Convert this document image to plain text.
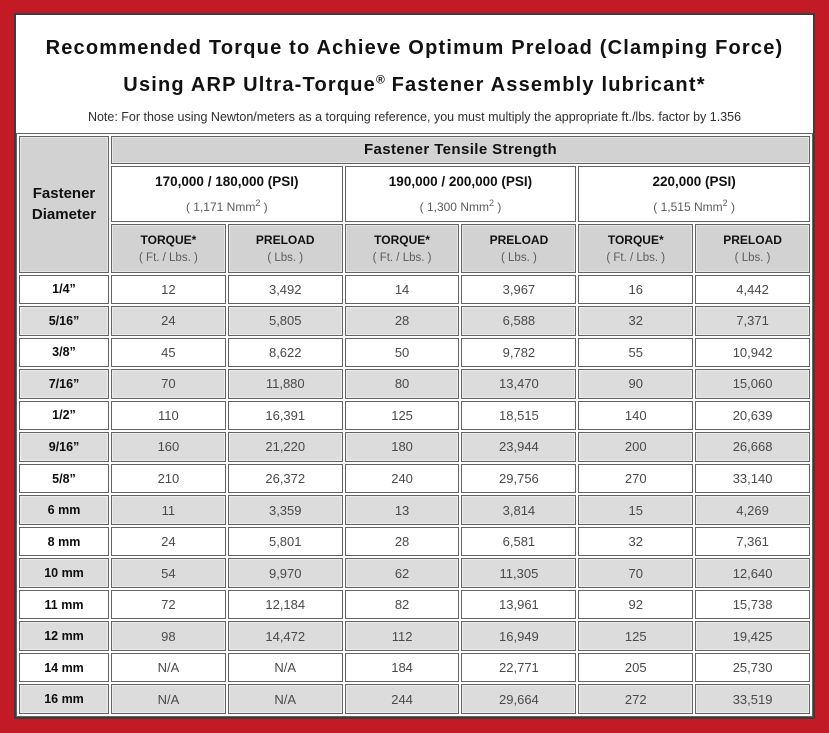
Recommended Torque to Achieve Optimum Preload (Clamping Force)
Using ARP Ultra-Torque® Fastener Assembly lubricant*

Note: For those using Newton/meters as a torquing reference, you must multiply the appropriate ft./lbs. factor by 1.356

Fastener
Diameter	Fastener Tensile Strength					

170,000 / 180,000 (PSI)
( 1,171 Nmm$^2$ )

190,000 / 200,000 (PSI)
( 1,300 Nmm$^2$ )

220,000 (PSI)
( 1,515 Nmm$^2$ )

TORQUE*
( Ft. / Lbs. )

PRELOAD
( Lbs. )

TORQUE*
( Ft. / Lbs. )

PRELOAD
( Lbs. )

TORQUE*
( Ft. / Lbs. )

PRELOAD
( Lbs. )

1/4”	12	3,492	14	3,967	16	4,442
5/16”	24	5,805	28	6,588	32	7,371
3/8”	45	8,622	50	9,782	55	10,942
7/16”	70	11,880	80	13,470	90	15,060
1/2”	110	16,391	125	18,515	140	20,639
9/16”	160	21,220	180	23,944	200	26,668
5/8”	210	26,372	240	29,756	270	33,140
6 mm	11	3,359	13	3,814	15	4,269
8 mm	24	5,801	28	6,581	32	7,361
10 mm	54	9,970	62	11,305	70	12,640
11 mm	72	12,184	82	13,961	92	15,738
12 mm	98	14,472	112	16,949	125	19,425
14 mm	N/A	N/A	184	22,771	205	25,730
16 mm	N/A	N/A	244	29,664	272	33,519
